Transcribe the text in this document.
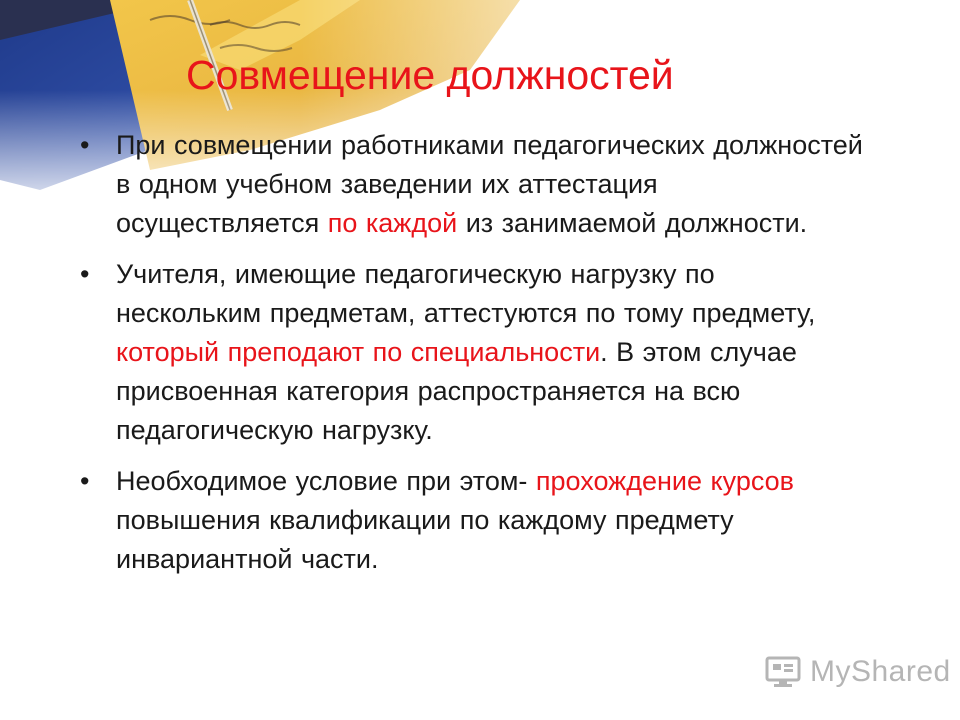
Совмещение должностей
• При совмещении работниками педагогических должностей в одном учебном заведении их аттестация осуществляется по каждой из занимаемой должности.
• Учителя, имеющие педагогическую нагрузку по нескольким предметам, аттестуются по тому предмету, который преподают по специальности. В этом случае присвоенная категория распространяется на всю педагогическую нагрузку.
• Необходимое условие при этом- прохождение курсов повышения квалификации по каждому предмету инвариантной части.
MyShared
